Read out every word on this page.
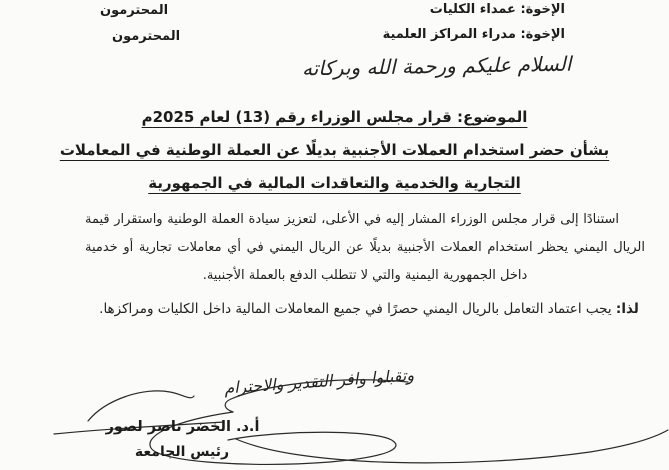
الإخوة: عمداء الكليات
المحترمون
الإخوة: مدراء المراكز العلمية
المحترمون
السلام عليكم ورحمة الله وبركاته
الموضوع: قرار مجلس الوزراء رقم (13) لعام 2025م
بشأن حضر استخدام العملات الأجنبية بديلًا عن العملة الوطنية في المعاملات
التجارية والخدمية والتعاقدات المالية في الجمهورية

استنادًا إلى قرار مجلس الوزراء المشار إليه في الأعلى، لتعزيز سيادة العملة الوطنية واستقرار قيمة الريال اليمني يحظر استخدام العملات الأجنبية بديلًا عن الريال اليمني في أي معاملات تجارية أو خدمية داخل الجمهورية اليمنية والتي لا تتطلب الدفع بالعملة الأجنبية.

لذا: يجب اعتماد التعامل بالريال اليمني حصرًا في جميع المعاملات المالية داخل الكليات ومراكزها.

وتقبلوا وافر التقدير والاحترام
أ.د. الخضر ناصر لصور
رئيس الجامعة
